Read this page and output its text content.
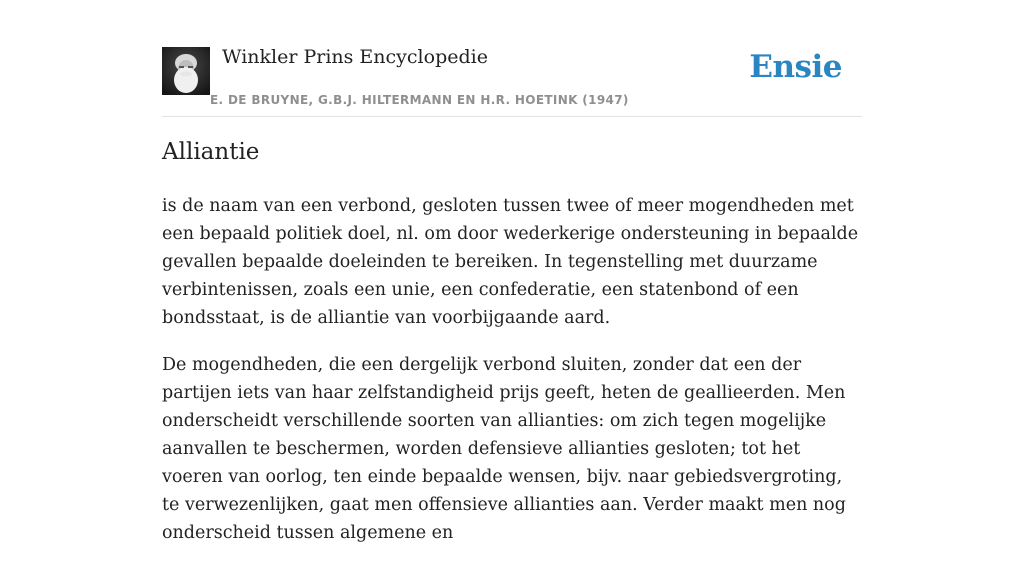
Winkler Prins Encyclopedie
E. DE BRUYNE, G.B.J. HILTERMANN EN H.R. HOETINK (1947)
Ensie
Alliantie

is de naam van een verbond, gesloten tussen twee of meer mogendheden met een bepaald politiek doel, nl. om door wederkerige ondersteuning in bepaalde gevallen bepaalde doeleinden te bereiken. In tegenstelling met duurzame verbintenissen, zoals een unie, een confederatie, een statenbond of een bondsstaat, is de alliantie van voorbijgaande aard.

De mogendheden, die een dergelijk verbond sluiten, zonder dat een der partijen iets van haar zelfstandigheid prijs geeft, heten de geallieerden. Men onderscheidt verschillende soorten van allianties: om zich tegen mogelijke aanvallen te beschermen, worden defensieve allianties gesloten; tot het voeren van oorlog, ten einde bepaalde wensen, bijv. naar gebiedsvergroting, te verwezenlijken, gaat men offensieve allianties aan. Verder maakt men nog onderscheid tussen algemene en
